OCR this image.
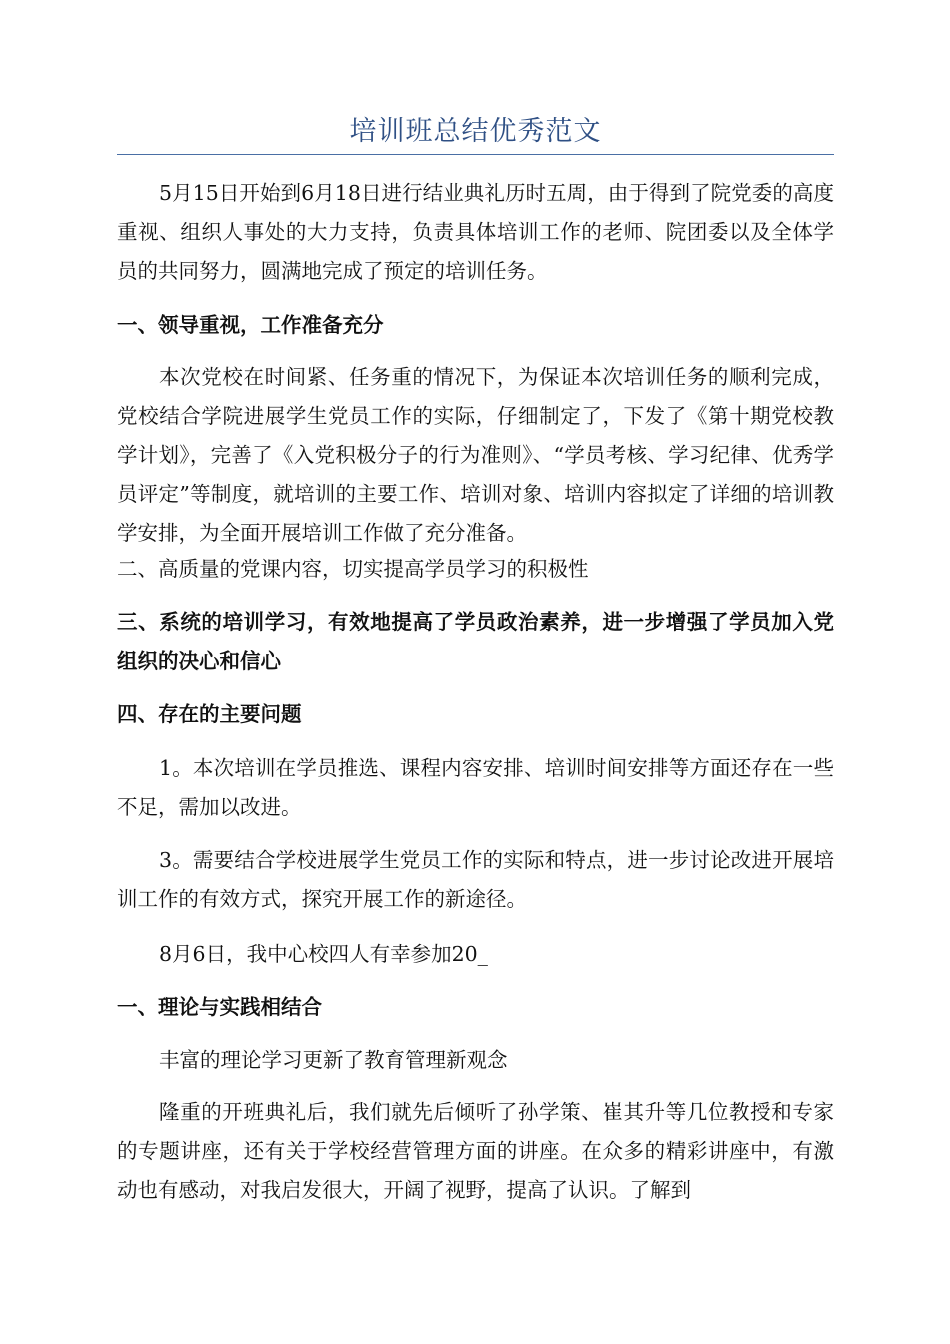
培训班总结优秀范文

5月15日开始到6月18日进行结业典礼历时五周，由于得到了院党委的高度重视、组织人事处的大力支持，负责具体培训工作的老师、院团委以及全体学员的共同努力，圆满地完成了预定的培训任务。

一、领导重视，工作准备充分

本次党校在时间紧、任务重的情况下，为保证本次培训任务的顺利完成，党校结合学院进展学生党员工作的实际，仔细制定了，下发了《第十期党校教学计划》，完善了《入党积极分子的行为准则》、“学员考核、学习纪律、优秀学员评定”等制度，就培训的主要工作、培训对象、培训内容拟定了详细的培训教学安排，为全面开展培训工作做了充分准备。

二、高质量的党课内容，切实提高学员学习的积极性

三、系统的培训学习，有效地提高了学员政治素养，进一步增强了学员加入党组织的决心和信心

四、存在的主要问题

1。本次培训在学员推选、课程内容安排、培训时间安排等方面还存在一些不足，需加以改进。

3。需要结合学校进展学生党员工作的实际和特点，进一步讨论改进开展培训工作的有效方式，探究开展工作的新途径。

8月6日，我中心校四人有幸参加20_

一、理论与实践相结合

丰富的理论学习更新了教育管理新观念

隆重的开班典礼后，我们就先后倾听了孙学策、崔其升等几位教授和专家的专题讲座，还有关于学校经营管理方面的讲座。在众多的精彩讲座中，有激动也有感动，对我启发很大，开阔了视野，提高了认识。了解到
